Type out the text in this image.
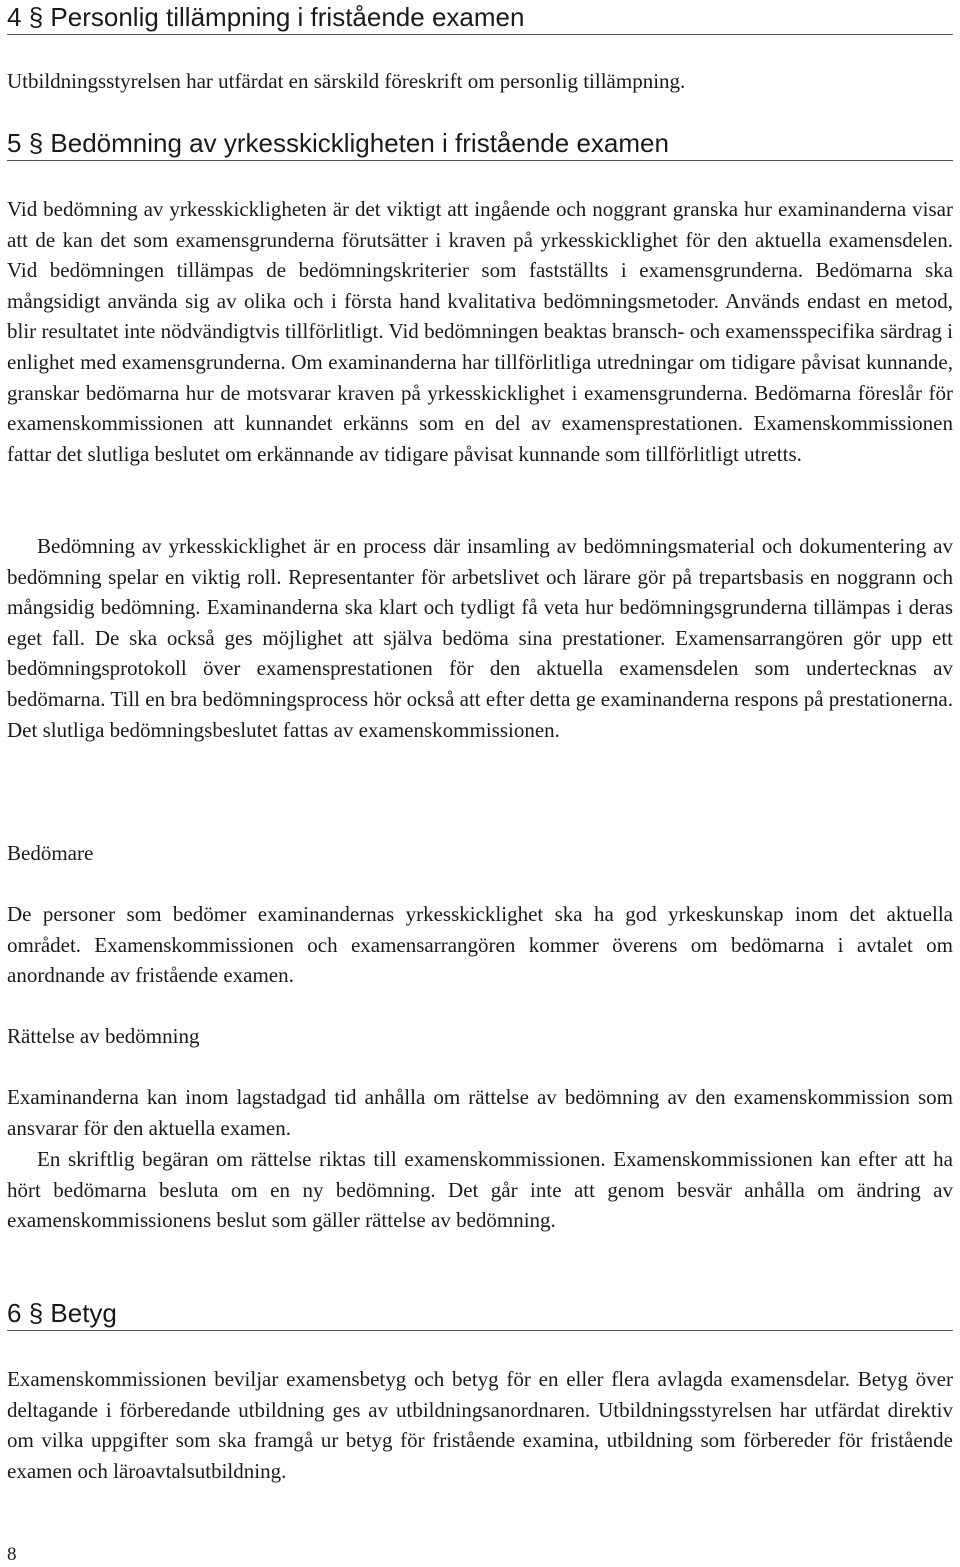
4 § Personlig tillämpning i fristående examen

Utbildningsstyrelsen har utfärdat en särskild föreskrift om personlig tillämpning.

5 § Bedömning av yrkesskickligheten i fristående examen

Vid bedömning av yrkesskickligheten är det viktigt att ingående och noggrant granska hur examinanderna visar att de kan det som examensgrunderna förutsätter i kraven på yrkesskicklighet för den aktuella examensdelen. Vid bedömningen tillämpas de bedömningskriterier som fastställts i examensgrunderna. Bedömarna ska mångsidigt använda sig av olika och i första hand kvalitativa bedömningsmetoder. Används endast en metod, blir resultatet inte nödvändigtvis tillförlitligt. Vid bedömningen beaktas bransch- och examensspecifika särdrag i enlighet med examensgrunderna. Om examinanderna har tillförlitliga utredningar om tidigare påvisat kunnande, granskar bedömarna hur de motsvarar kraven på yrkesskicklighet i examensgrunderna. Bedömarna föreslår för examenskommissionen att kunnandet erkänns som en del av examensprestationen. Examenskommissionen fattar det slutliga beslutet om erkännande av tidigare påvisat kunnande som tillförlitligt utretts.

Bedömning av yrkesskicklighet är en process där insamling av bedömningsmaterial och dokumentering av bedömning spelar en viktig roll. Representanter för arbetslivet och lärare gör på trepartsbasis en noggrann och mångsidig bedömning. Examinanderna ska klart och tydligt få veta hur bedömningsgrunderna tillämpas i deras eget fall. De ska också ges möjlighet att själva bedöma sina prestationer. Examensarrangören gör upp ett bedömningsprotokoll över examensprestationen för den aktuella examensdelen som undertecknas av bedömarna. Till en bra bedömningsprocess hör också att efter detta ge examinanderna respons på prestationerna. Det slutliga bedömningsbeslutet fattas av examenskommissionen.

Bedömare

De personer som bedömer examinandernas yrkesskicklighet ska ha god yrkeskunskap inom det aktuella området. Examenskommissionen och examensarrangören kommer överens om bedömarna i avtalet om anordnande av fristående examen.

Rättelse av bedömning

Examinanderna kan inom lagstadgad tid anhålla om rättelse av bedömning av den examenskommission som ansvarar för den aktuella examen.

En skriftlig begäran om rättelse riktas till examenskommissionen. Examenskommissionen kan efter att ha hört bedömarna besluta om en ny bedömning. Det går inte att genom besvär anhålla om ändring av examenskommissionens beslut som gäller rättelse av bedömning.

6 § Betyg

Examenskommissionen beviljar examensbetyg och betyg för en eller flera avlagda examensdelar. Betyg över deltagande i förberedande utbildning ges av utbildningsanordnaren. Utbildningsstyrelsen har utfärdat direktiv om vilka uppgifter som ska framgå ur betyg för fristående examina, utbildning som förbereder för fristående examen och läroavtalsutbildning.

8
